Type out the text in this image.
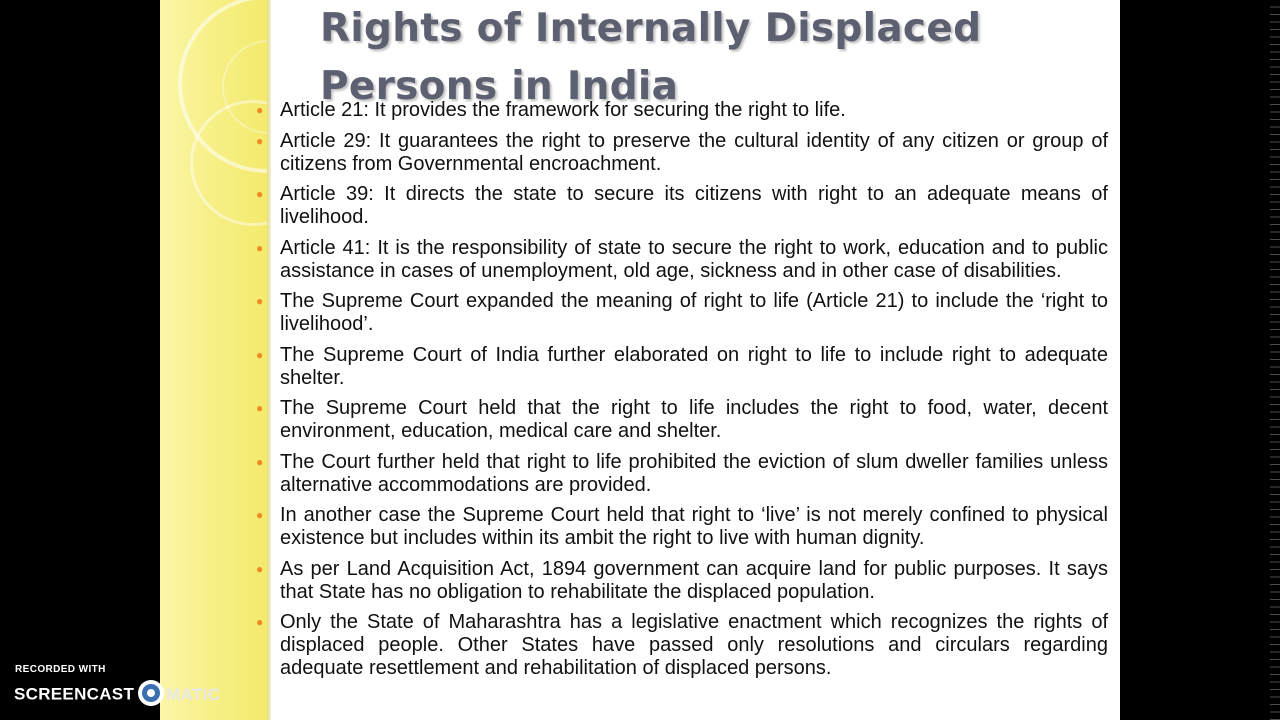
Rights of Internally Displaced Persons in India
● Article 21: It provides the framework for securing the right to life.
● Article 29: It guarantees the right to preserve the cultural identity of any citizen or group of citizens from Governmental encroachment.
● Article 39: It directs the state to secure its citizens with right to an adequate means of livelihood.
● Article 41: It is the responsibility of state to secure the right to work, education and to public assistance in cases of unemployment, old age, sickness and in other case of disabilities.
● The Supreme Court expanded the meaning of right to life (Article 21) to include the ‘right to livelihood’.
● The Supreme Court of India further elaborated on right to life to include right to adequate shelter.
● The Supreme Court held that the right to life includes the right to food, water, decent environment, education, medical care and shelter.
● The Court further held that right to life prohibited the eviction of slum dweller families unless alternative accommodations are provided.
● In another case the Supreme Court held that right to ‘live’ is not merely confined to physical existence but includes within its ambit the right to live with human dignity.
● As per Land Acquisition Act, 1894 government can acquire land for public purposes. It says that State has no obligation to rehabilitate the displaced population.
● Only the State of Maharashtra has a legislative enactment which recognizes the rights of displaced people. Other States have passed only resolutions and circulars regarding adequate resettlement and rehabilitation of displaced persons.
RECORDED WITH
SCREENCAST MATIC
